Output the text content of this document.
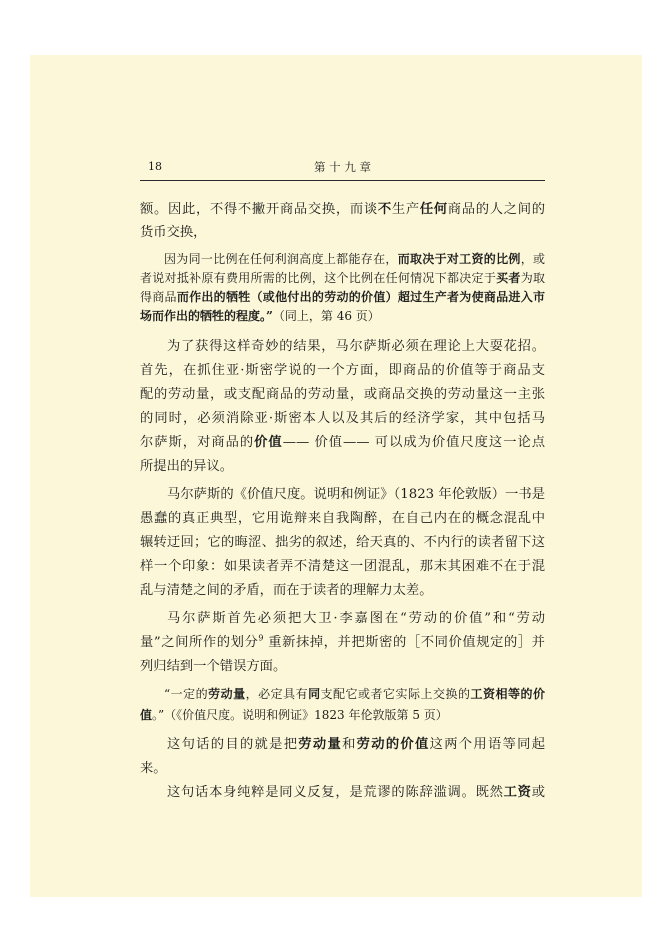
18	第 十 九 章
额。因此，不得不撇开商品交换，而谈不生产任何商品的人之间的
货币交换，
因为同一比例在任何利润高度上都能存在，而取决于对工资的比例，或
者说对抵补原有费用所需的比例，这个比例在任何情况下都决定于买者为取
得商品而作出的牺牲（或他付出的劳动的价值）超过生产者为使商品进入市
场而作出的牺牲的程度。”（同上，第 46 页）
为了获得这样奇妙的结果，马尔萨斯必须在理论上大耍花招。
首先，在抓住亚·斯密学说的一个方面，即商品的价值等于商品支
配的劳动量，或支配商品的劳动量，或商品交换的劳动量这一主张
的同时，必须消除亚·斯密本人以及其后的经济学家，其中包括马
尔萨斯，对商品的价值—— 价值—— 可以成为价值尺度这一论点
所提出的异议。
马尔萨斯的《价值尺度。说明和例证》（1823 年伦敦版）一书是
愚蠢的真正典型，它用诡辩来自我陶醉，在自己内在的概念混乱中
辗转迂回；它的晦涩、拙劣的叙述，给天真的、不内行的读者留下这
样一个印象：如果读者弄不清楚这一团混乱，那末其困难不在于混
乱与清楚之间的矛盾，而在于读者的理解力太差。
马尔萨斯首先必须把大卫·李嘉图在“劳动的价值”和“劳动
量”之间所作的划分$^9$ 重新抹掉，并把斯密的［不同价值规定的］并
列归结到一个错误方面。
“一定的劳动量，必定具有同支配它或者它实际上交换的工资相等的价
值。”（《价值尺度。说明和例证》1823 年伦敦版第 5 页）
这句话的目的就是把劳动量和劳动的价值这两个用语等同起
来。
这句话本身纯粹是同义反复，是荒谬的陈辞滥调。既然工资或
